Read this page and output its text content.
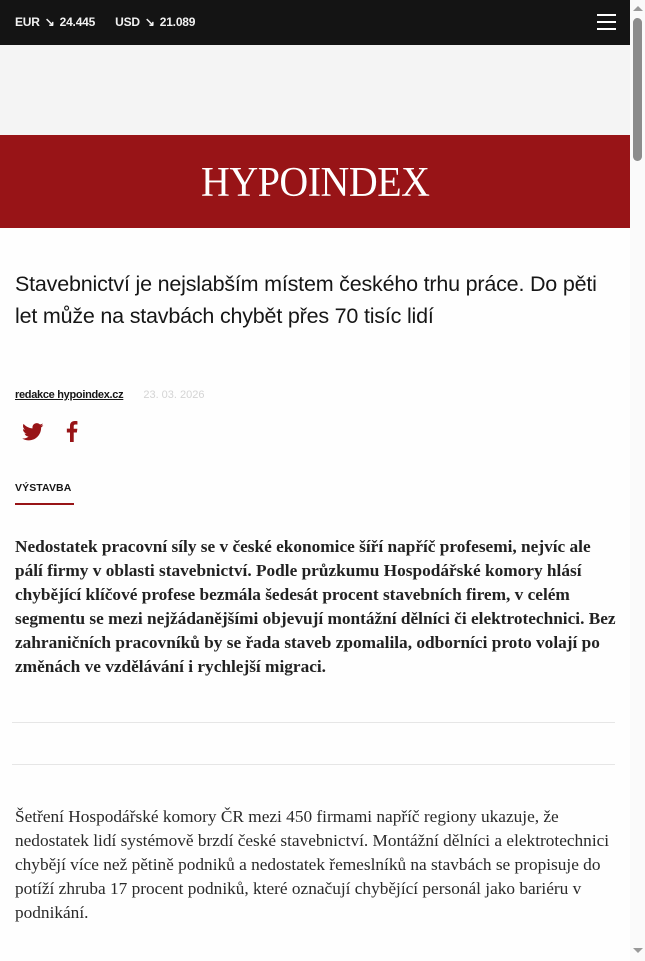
EUR ↘ 24.445 USD ↘ 21.089
HYPOINDEX
Stavebnictví je nejslabším místem českého trhu práce. Do pěti let může na stavbách chybět přes 70 tisíc lidí
redakce hypoindex.cz 23. 03. 2026
VÝSTAVBA

Nedostatek pracovní síly se v české ekonomice šíří napříč profesemi, nejvíc ale pálí firmy v oblasti stavebnictví. Podle průzkumu Hospodářské komory hlásí chybějící klíčové profese bezmála šedesát procent stavebních firem, v celém segmentu se mezi nejžádanějšími objevují montážní dělníci či elektrotechnici. Bez zahraničních pracovníků by se řada staveb zpomalila, odborníci proto volají po změnách ve vzdělávání i rychlejší migraci.

Šetření Hospodářské komory ČR mezi 450 firmami napříč regiony ukazuje, že nedostatek lidí systémově brzdí české stavebnictví. Montážní dělníci a elektrotechnici chybějí více než pětině podniků a nedostatek řemeslníků na stavbách se propisuje do potíží zhruba 17 procent podniků, které označují chybějící personál jako bariéru v podnikání.
